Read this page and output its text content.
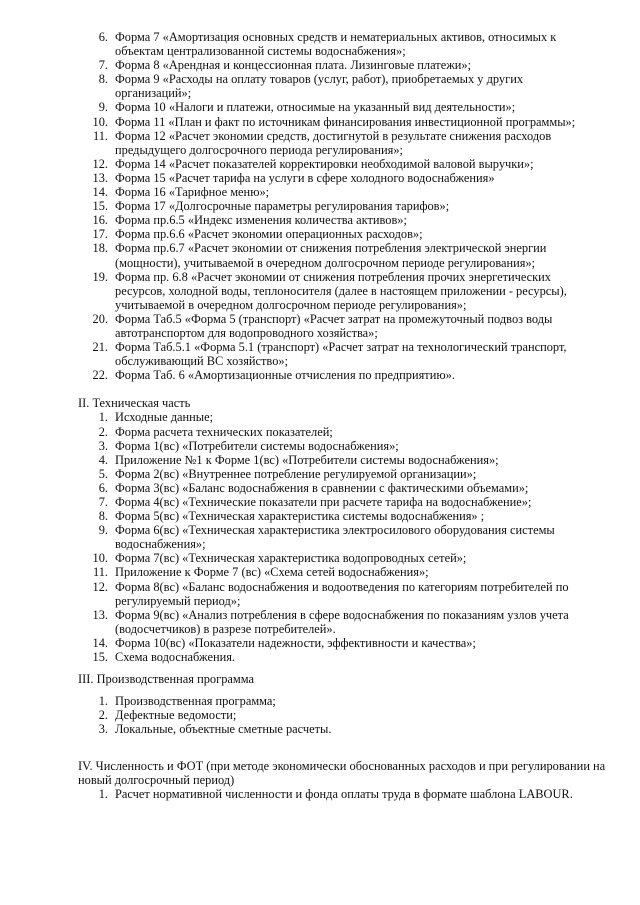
6. Форма 7 «Амортизация основных средств и нематериальных активов, относимых к объектам централизованной системы водоснабжения»;
7. Форма 8 «Арендная и концессионная плата. Лизинговые платежи»;
8. Форма 9 «Расходы на оплату товаров (услуг, работ), приобретаемых у других организаций»;
9. Форма 10 «Налоги и платежи, относимые на указанный вид деятельности»;
10. Форма 11 «План и факт по источникам финансирования инвестиционной программы»;
11. Форма 12 «Расчет экономии средств, достигнутой в результате снижения расходов предыдущего долгосрочного периода регулирования»;
12. Форма 14 «Расчет показателей корректировки необходимой валовой выручки»;
13. Форма 15 «Расчет тарифа на услуги в сфере холодного водоснабжения»
14. Форма 16 «Тарифное меню»;
15. Форма 17 «Долгосрочные параметры регулирования тарифов»;
16. Форма пр.6.5 «Индекс изменения количества активов»;
17. Форма пр.6.6 «Расчет экономии операционных расходов»;
18. Форма пр.6.7 «Расчет экономии от снижения потребления электрической энергии (мощности), учитываемой в очередном долгосрочном периоде регулирования»;
19. Форма пр. 6.8 «Расчет экономии от снижения потребления прочих энергетических ресурсов, холодной воды, теплоносителя (далее в настоящем приложении - ресурсы), учитываемой в очередном долгосрочном периоде регулирования»;
20. Форма Таб.5 «Форма 5 (транспорт) «Расчет затрат на промежуточный подвоз воды автотранспортом для водопроводного хозяйства»;
21. Форма Таб.5.1 «Форма 5.1 (транспорт) «Расчет затрат на технологический транспорт, обслуживающий ВС хозяйство»;
22. Форма Таб. 6 «Амортизационные отчисления по предприятию».
II. Техническая часть
1. Исходные данные;
2. Форма расчета технических показателей;
3. Форма 1(вс) «Потребители системы водоснабжения»;
4. Приложение №1 к Форме 1(вс) «Потребители системы водоснабжения»;
5. Форма 2(вс) «Внутреннее потребление регулируемой организации»;
6. Форма 3(вс) «Баланс водоснабжения в сравнении с фактическими объемами»;
7. Форма 4(вс) «Технические показатели при расчете тарифа на водоснабжение»;
8. Форма 5(вс) «Техническая характеристика системы водоснабжения» ;
9. Форма 6(вс) «Техническая характеристика электросилового оборудования системы водоснабжения»;
10. Форма 7(вс) «Техническая характеристика водопроводных сетей»;
11. Приложение к Форме 7 (вс) «Схема сетей водоснабжения»;
12. Форма 8(вс) «Баланс водоснабжения и водоотведения по категориям потребителей по регулируемый период»;
13. Форма 9(вс) «Анализ потребления в сфере водоснабжения по показаниям узлов учета (водосчетчиков) в разрезе потребителей».
14. Форма 10(вс) «Показатели надежности, эффективности и качества»;
15. Схема водоснабжения.
III. Производственная программа
1. Производственная программа;
2. Дефектные ведомости;
3. Локальные, объектные сметные расчеты.
IV. Численность и ФОТ (при методе экономически обоснованных расходов и при регулировании на новый долгосрочный период)
1. Расчет нормативной численности и фонда оплаты труда в формате шаблона LABOUR.
